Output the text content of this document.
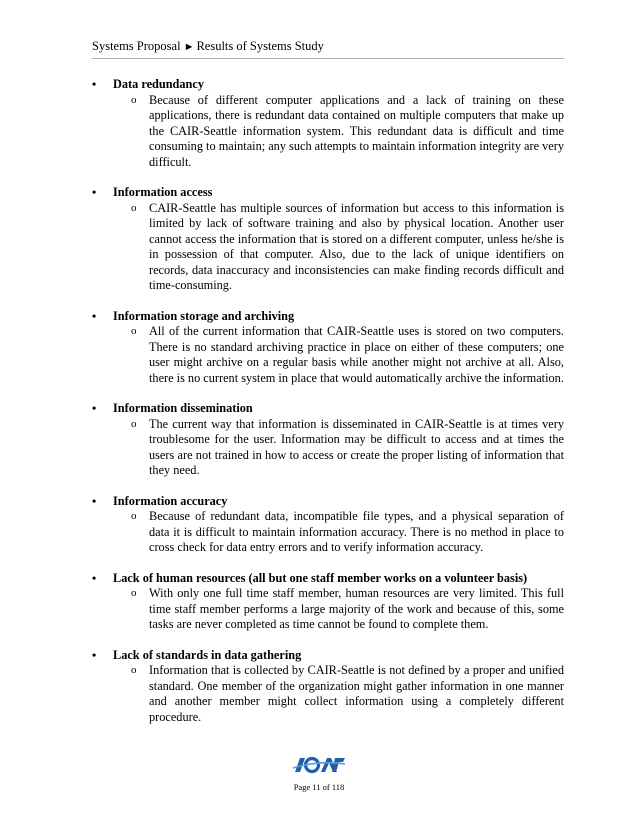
Systems Proposal ► Results of Systems Study
• Data redundancy
o Because of different computer applications and a lack of training on these applications, there is redundant data contained on multiple computers that make up the CAIR-Seattle information system. This redundant data is difficult and time consuming to maintain; any such attempts to maintain information integrity are very difficult.
• Information access
o CAIR-Seattle has multiple sources of information but access to this information is limited by lack of software training and also by physical location. Another user cannot access the information that is stored on a different computer, unless he/she is in possession of that computer. Also, due to the lack of unique identifiers on records, data inaccuracy and inconsistencies can make finding records difficult and time-consuming.
• Information storage and archiving
o All of the current information that CAIR-Seattle uses is stored on two computers. There is no standard archiving practice in place on either of these computers; one user might archive on a regular basis while another might not archive at all. Also, there is no current system in place that would automatically archive the information.
• Information dissemination
o The current way that information is disseminated in CAIR-Seattle is at times very troublesome for the user. Information may be difficult to access and at times the users are not trained in how to access or create the proper listing of information that they need.
• Information accuracy
o Because of redundant data, incompatible file types, and a physical separation of data it is difficult to maintain information accuracy. There is no method in place to cross check for data entry errors and to verify information accuracy.
• Lack of human resources (all but one staff member works on a volunteer basis)
o With only one full time staff member, human resources are very limited. This full time staff member performs a large majority of the work and because of this, some tasks are never completed as time cannot be found to complete them.
• Lack of standards in data gathering
o Information that is collected by CAIR-Seattle is not defined by a proper and unified standard. One member of the organization might gather information in one manner and another member might collect information using a completely different procedure.
Page 11 of 118
